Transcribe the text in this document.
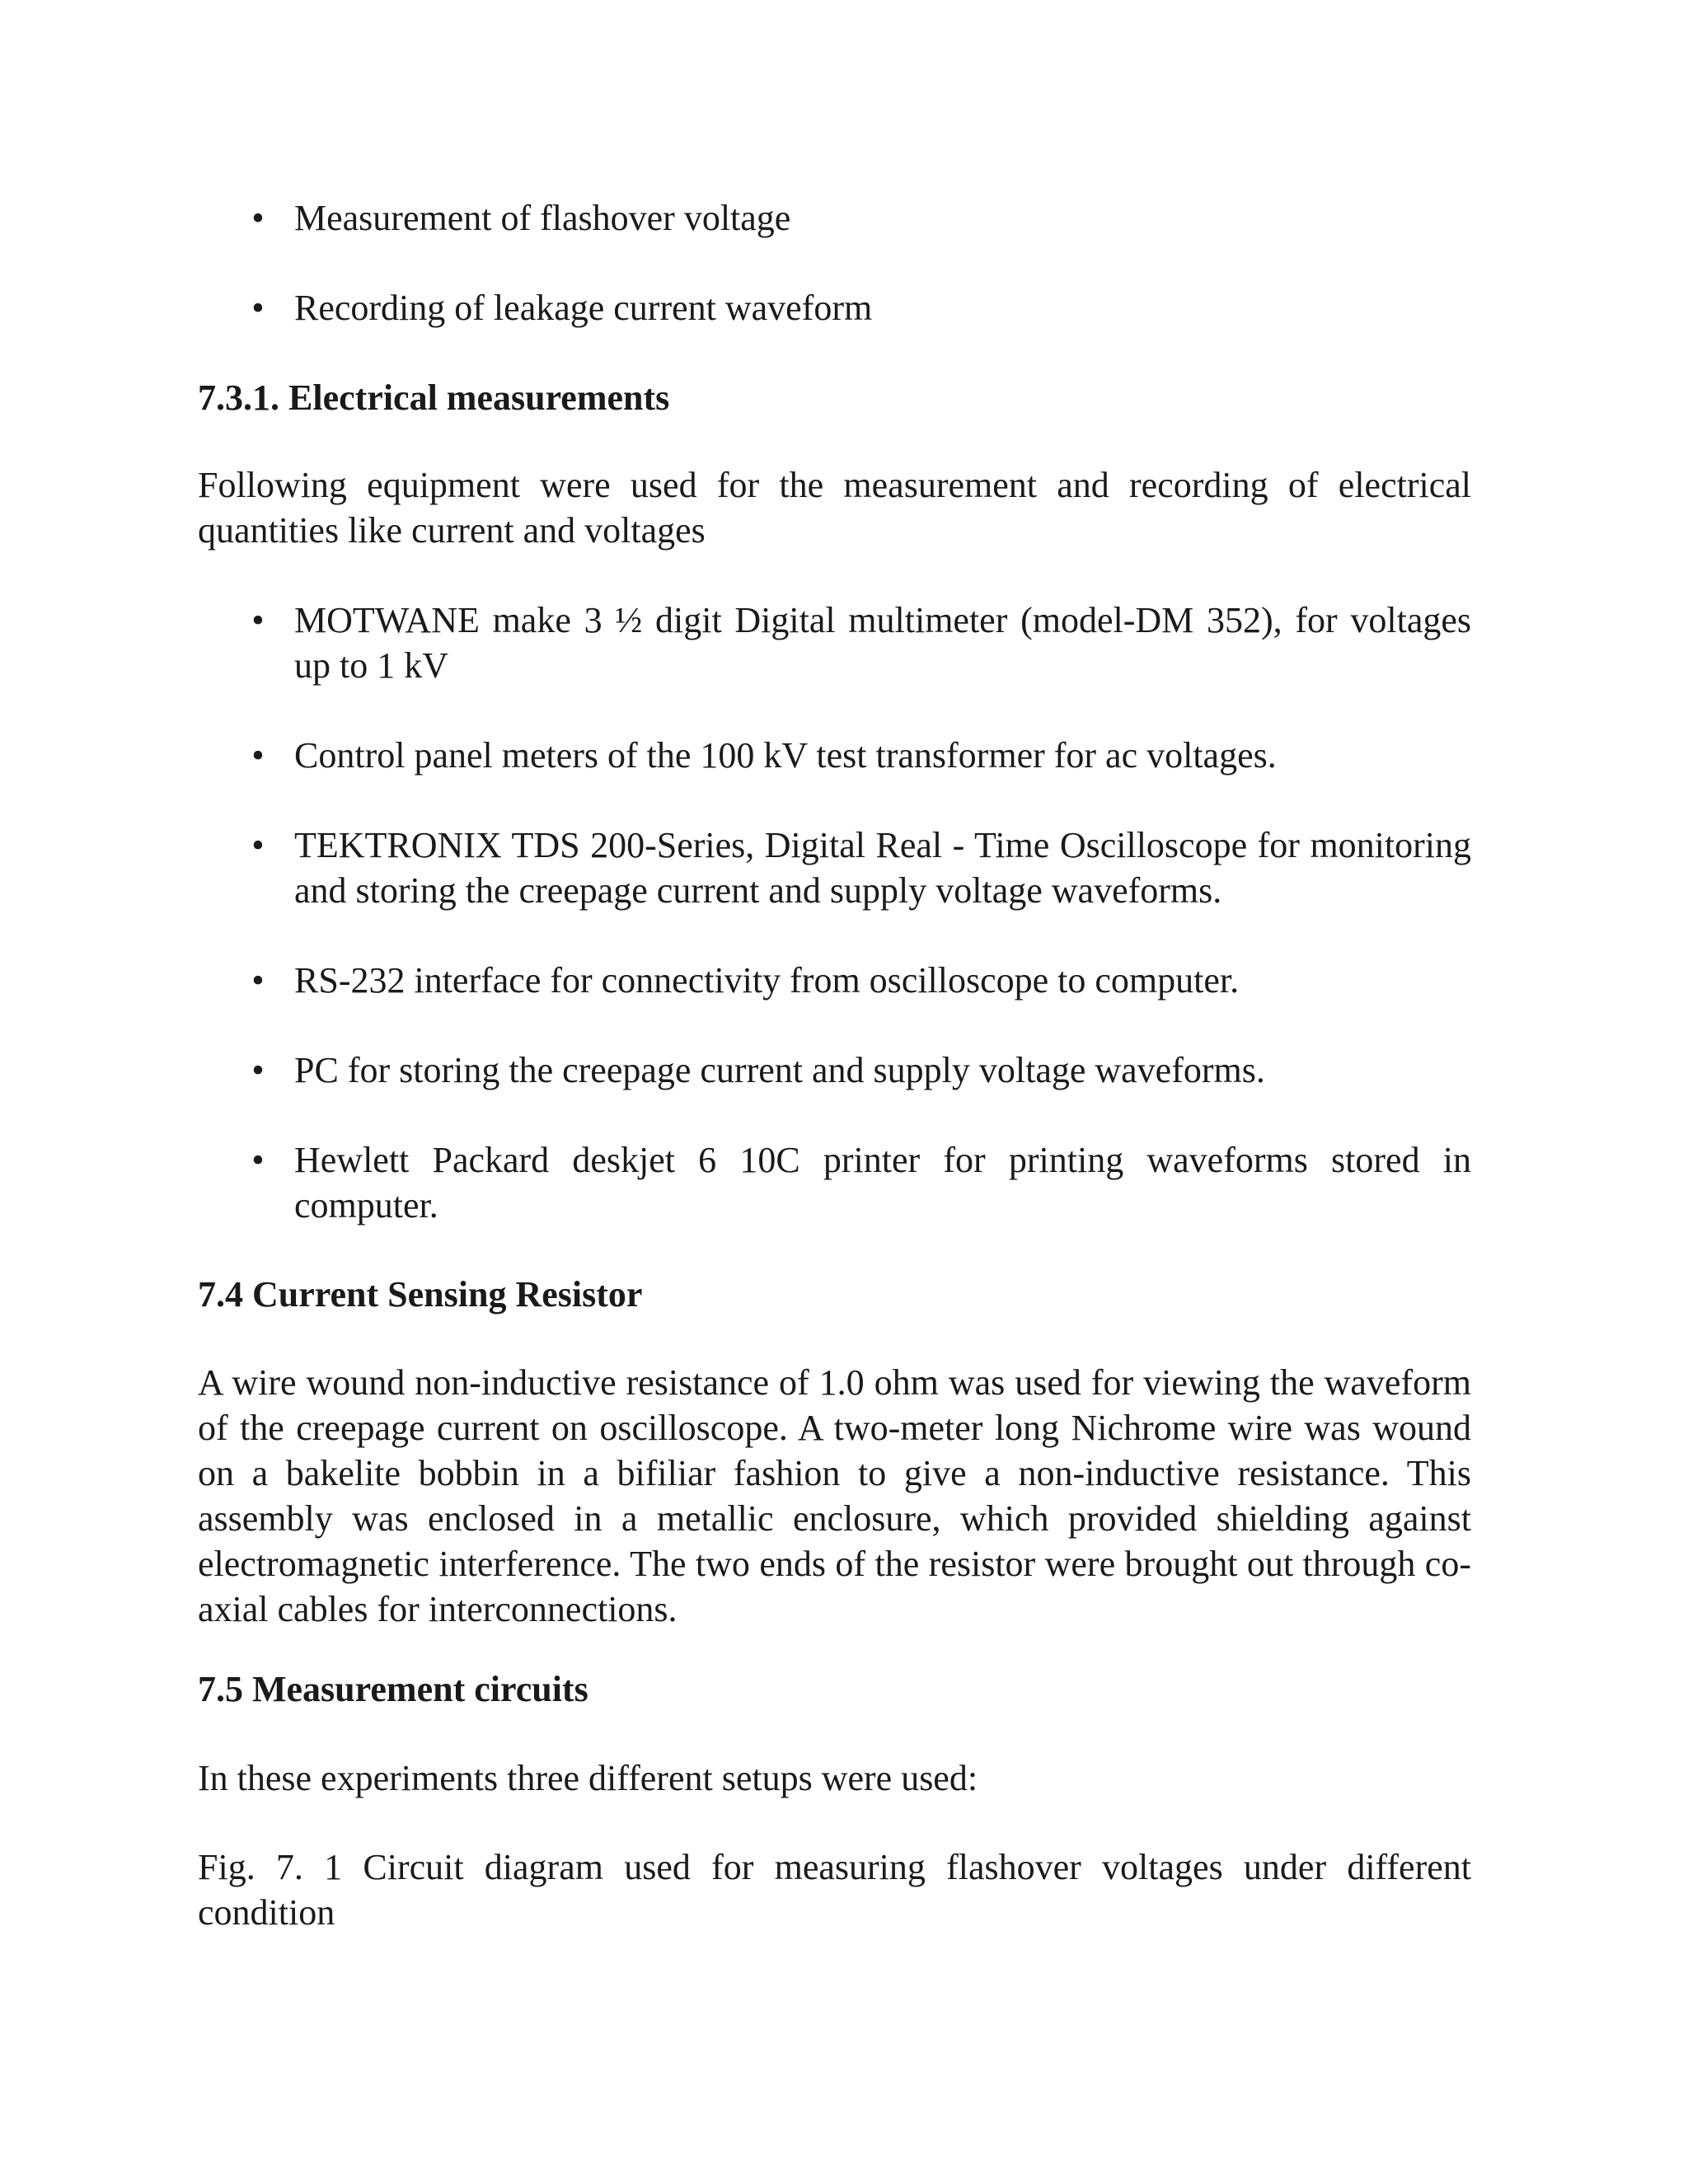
• Measurement of flashover voltage
• Recording of leakage current waveform
7.3.1. Electrical measurements
Following equipment were used for the measurement and recording of electrical quantities like current and voltages
• MOTWANE make 3 ½ digit Digital multimeter (model-DM 352), for voltages up to 1 kV
• Control panel meters of the 100 kV test transformer for ac voltages.
• TEKTRONIX TDS 200-Series, Digital Real - Time Oscilloscope for monitoring and storing the creepage current and supply voltage waveforms.
• RS-232 interface for connectivity from oscilloscope to computer.
• PC for storing the creepage current and supply voltage waveforms.
• Hewlett Packard deskjet 6 10C printer for printing waveforms stored in computer.
7.4 Current Sensing Resistor
A wire wound non-inductive resistance of 1.0 ohm was used for viewing the waveform of the creepage current on oscilloscope. A two-meter long Nichrome wire was wound on a bakelite bobbin in a bifiliar fashion to give a non-inductive resistance. This assembly was enclosed in a metallic enclosure, which provided shielding against electromagnetic interference. The two ends of the resistor were brought out through co-axial cables for interconnections.
7.5 Measurement circuits
In these experiments three different setups were used:
Fig. 7. 1 Circuit diagram used for measuring flashover voltages under different condition
